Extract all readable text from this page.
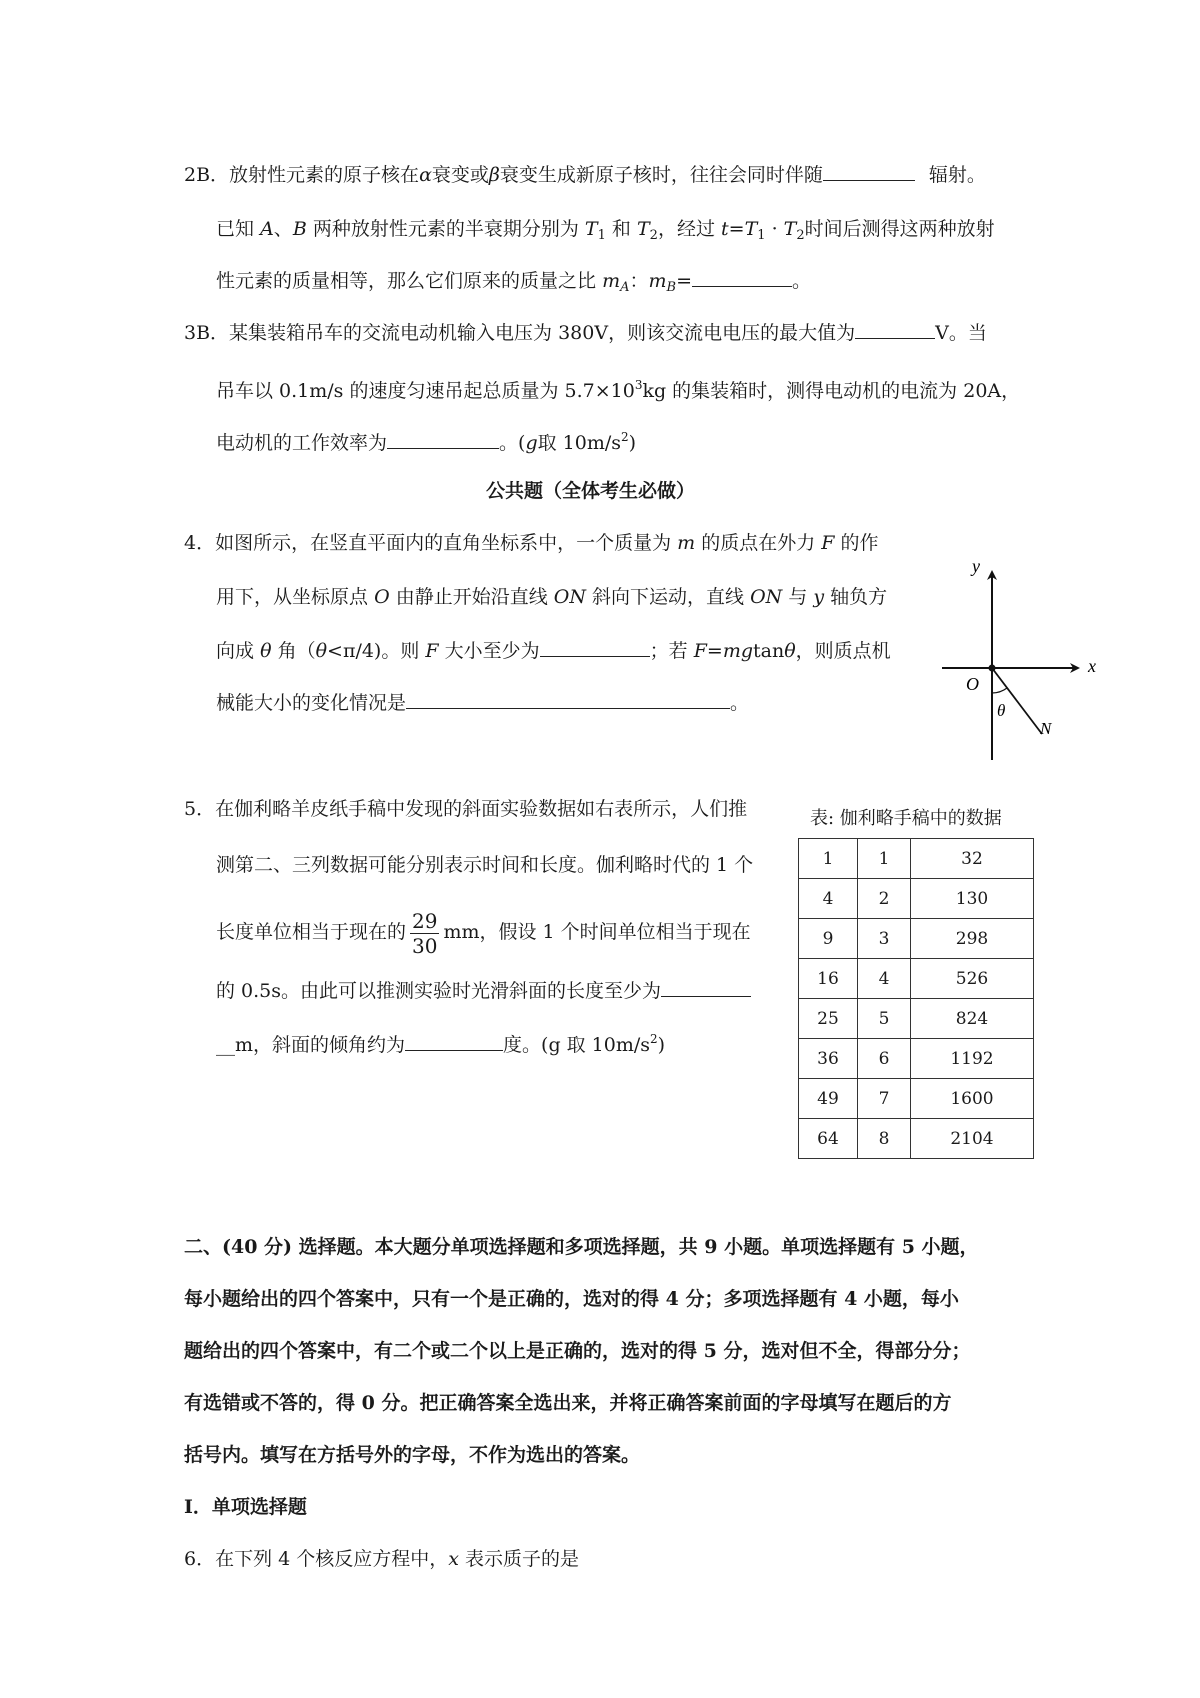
2B．放射性元素的原子核在α衰变或β衰变生成新原子核时，往往会同时伴随	辐射。
已知 A、B 两种放射性元素的半衰期分别为 $T_1$ 和 $T_2$，经过 $t=T_1 \cdot T_2$时间后测得这两种放射
性元素的质量相等，那么它们原来的质量之比 $m_A$：$m_B=$	。
3B．某集装箱吊车的交流电动机输入电压为 380V，则该交流电电压的最大值为	V。当
吊车以 0.1m/s 的速度匀速吊起总质量为 $5.7\times 10^3kg$ 的集装箱时，测得电动机的电流为 20A，
电动机的工作效率为	。(g取 $10m/s^2$)
公共题（全体考生必做）
4．如图所示，在竖直平面内的直角坐标系中，一个质量为 m 的质点在外力 F 的作
用下，从坐标原点 O 由静止开始沿直线 ON 斜向下运动，直线 ON 与 y 轴负方
向成 θ 角（θ<π/4)。则 F 大小至少为	；若 F=mgtanθ，则质点机
械能大小的变化情况是	。
y
x
O
θ
N
5．在伽利略羊皮纸手稿中发现的斜面实验数据如右表所示，人们推
测第二、三列数据可能分别表示时间和长度。伽利略时代的 1 个
长度单位相当于现在的 $\frac{29}{30}$ mm，假设 1 个时间单位相当于现在
的 0.5s。由此可以推测实验时光滑斜面的长度至少为
__m，斜面的倾角约为	度。(g 取 $10m/s^2$)
表: 伽利略手稿中的数据
1	1	32
4	2	130
9	3	298
16	4	526
25	5	824
36	6	1192
49	7	1600
64	8	2104
二、(40 分) 选择题。本大题分单项选择题和多项选择题，共 9 小题。单项选择题有 5 小题，
每小题给出的四个答案中，只有一个是正确的，选对的得 4 分；多项选择题有 4 小题，每小
题给出的四个答案中，有二个或二个以上是正确的，选对的得 5 分，选对但不全，得部分分；
有选错或不答的，得 0 分。把正确答案全选出来，并将正确答案前面的字母填写在题后的方
括号内。填写在方括号外的字母，不作为选出的答案。
Ⅰ．单项选择题
6．在下列 4 个核反应方程中，x 表示质子的是
